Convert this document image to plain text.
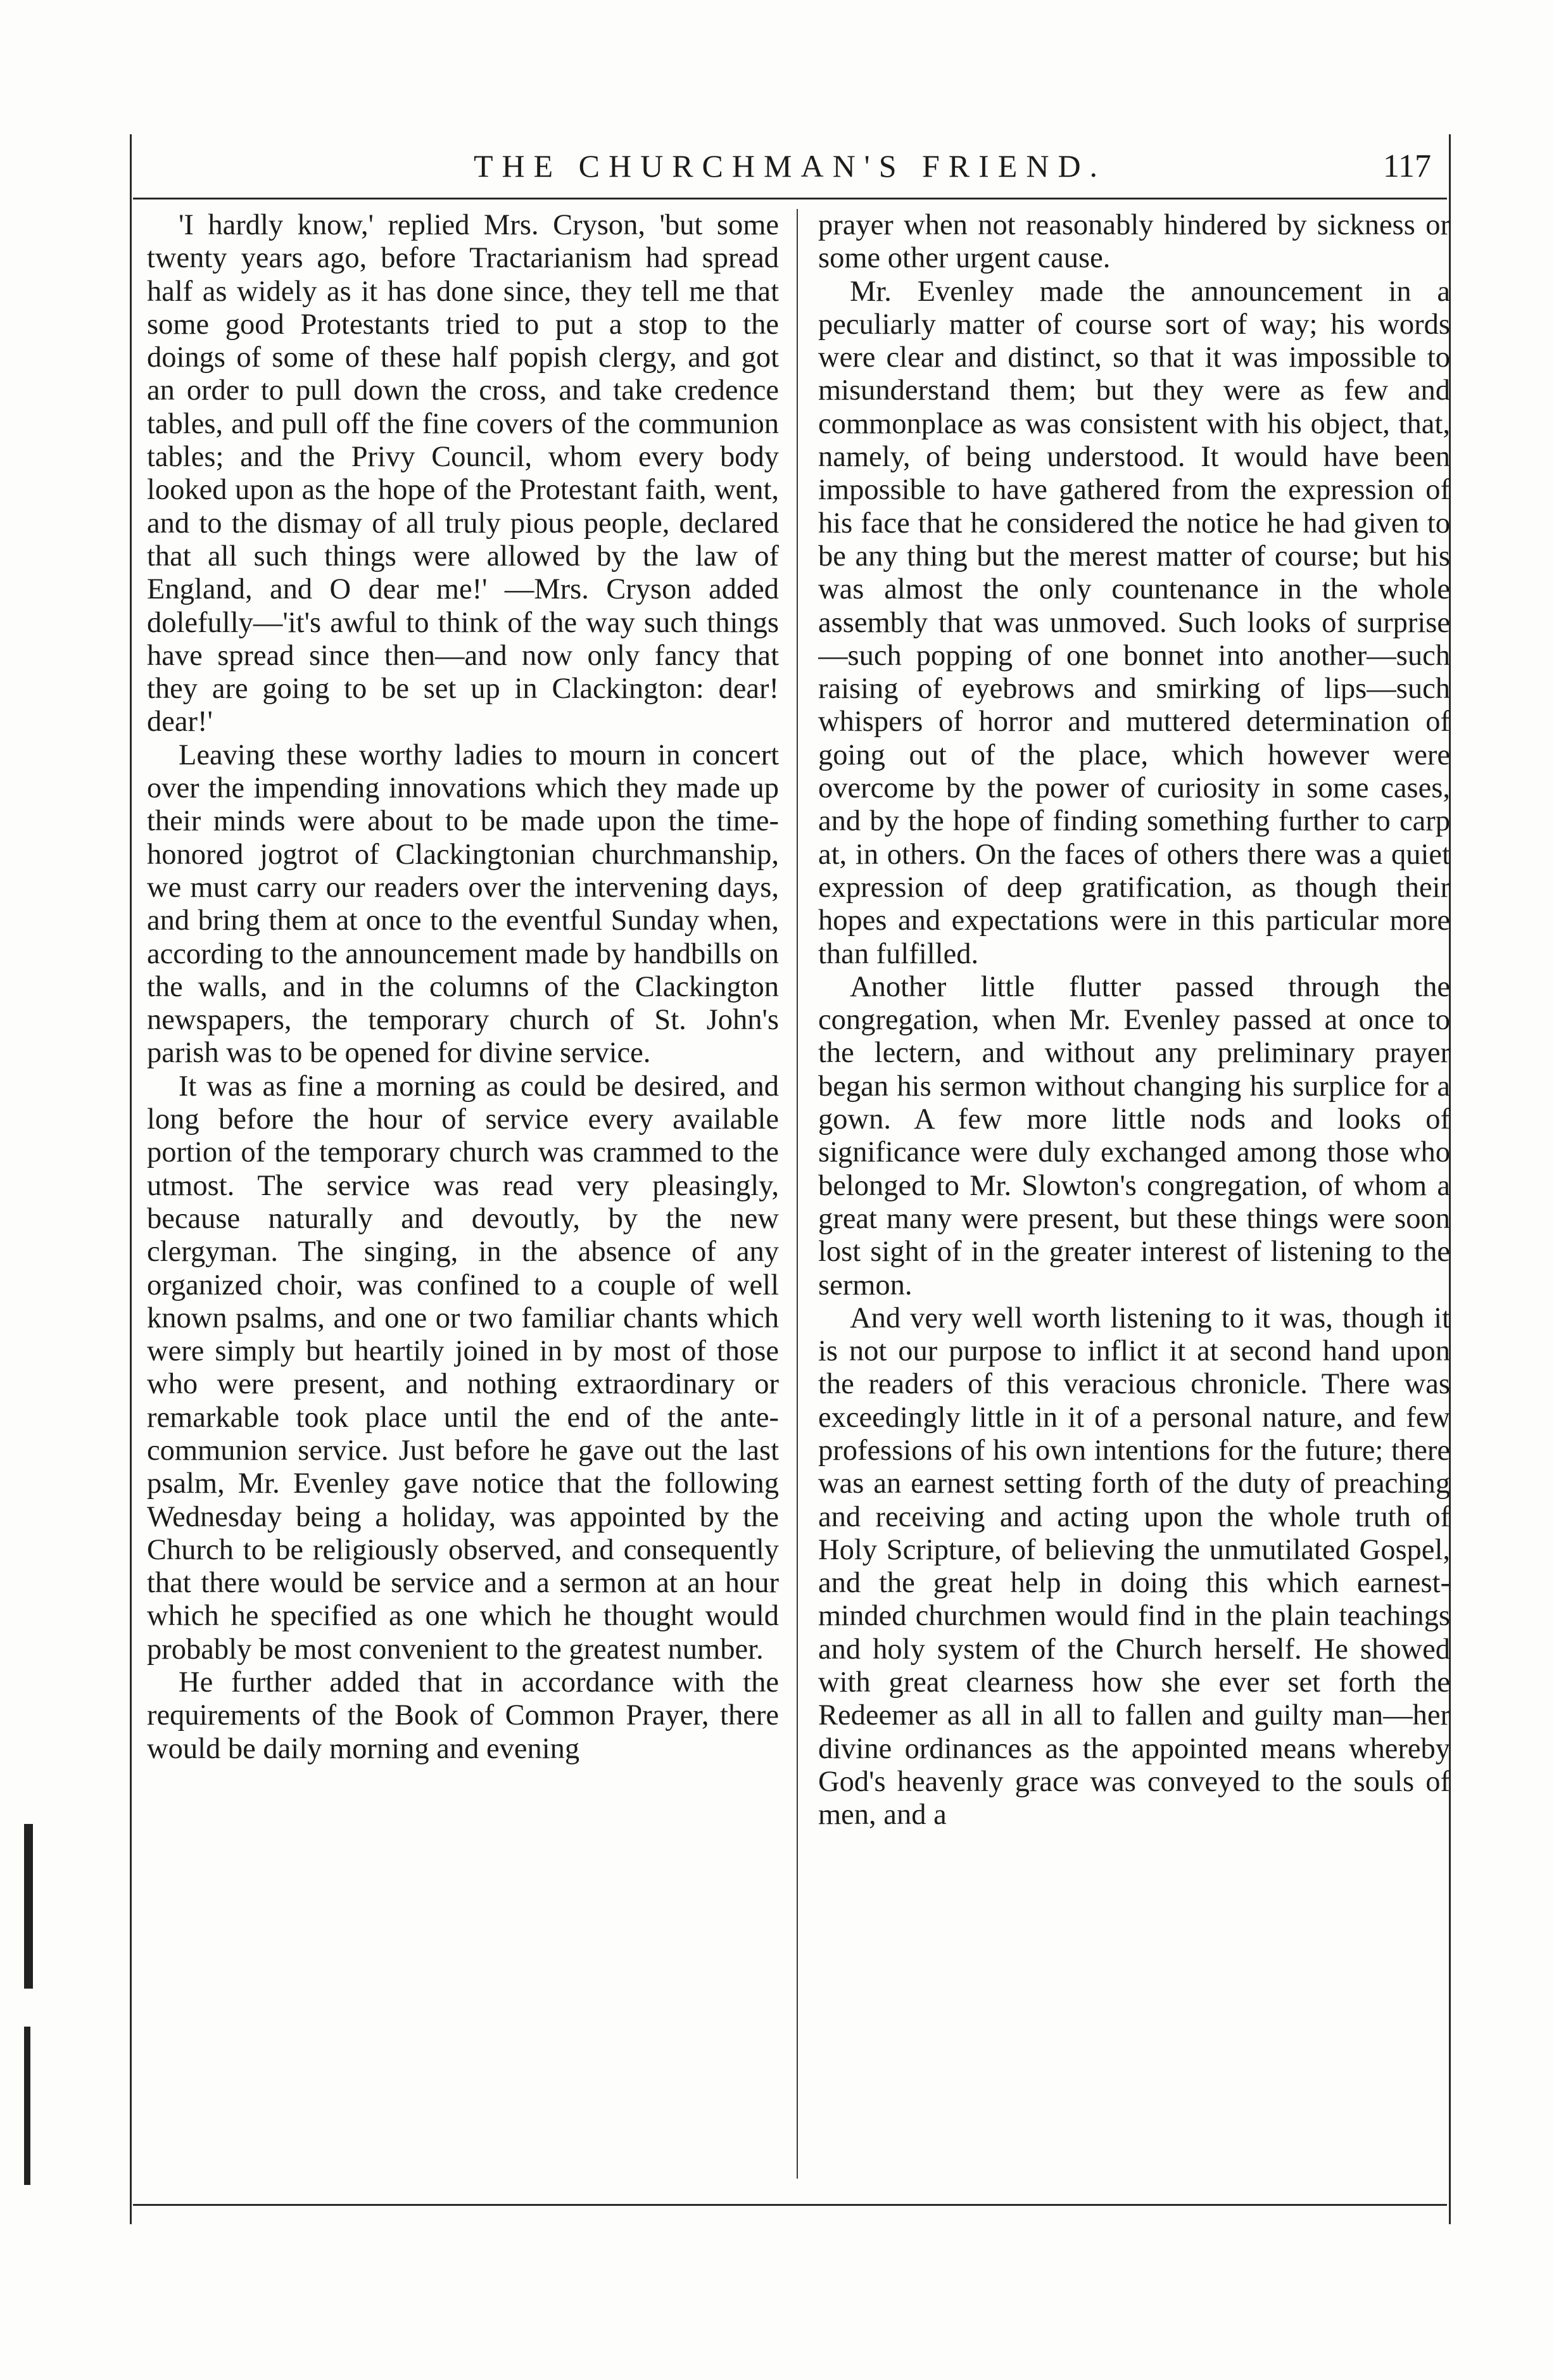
THE CHURCHMAN'S FRIEND.	117

'I hardly know,' replied Mrs. Cryson, 'but some twenty years ago, before Tractarianism had spread half as widely as it has done since, they tell me that some good Protestants tried to put a stop to the doings of some of these half popish clergy, and got an order to pull down the cross, and take credence tables, and pull off the fine covers of the communion tables; and the Privy Council, whom every body looked upon as the hope of the Protestant faith, went, and to the dismay of all truly pious people, declared that all such things were allowed by the law of England, and O dear me!' —Mrs. Cryson added dolefully—'it's awful to think of the way such things have spread since then—and now only fancy that they are going to be set up in Clackington: dear! dear!'

Leaving these worthy ladies to mourn in concert over the impending innovations which they made up their minds were about to be made upon the time-honored jogtrot of Clackingtonian churchmanship, we must carry our readers over the intervening days, and bring them at once to the eventful Sunday when, according to the announcement made by handbills on the walls, and in the columns of the Clackington newspapers, the temporary church of St. John's parish was to be opened for divine service.

It was as fine a morning as could be desired, and long before the hour of service every available portion of the temporary church was crammed to the utmost. The service was read very pleasingly, because naturally and devoutly, by the new clergyman. The singing, in the absence of any organized choir, was confined to a couple of well known psalms, and one or two familiar chants which were simply but heartily joined in by most of those who were present, and nothing extraordinary or remarkable took place until the end of the ante-communion service. Just before he gave out the last psalm, Mr. Evenley gave notice that the following Wednesday being a holiday, was appointed by the Church to be religiously observed, and consequently that there would be service and a sermon at an hour which he specified as one which he thought would probably be most convenient to the greatest number.

He further added that in accordance with the requirements of the Book of Common Prayer, there would be daily morning and evening

prayer when not reasonably hindered by sickness or some other urgent cause.

Mr. Evenley made the announcement in a peculiarly matter of course sort of way; his words were clear and distinct, so that it was impossible to misunderstand them; but they were as few and commonplace as was consistent with his object, that, namely, of being understood. It would have been impossible to have gathered from the expression of his face that he considered the notice he had given to be any thing but the merest matter of course; but his was almost the only countenance in the whole assembly that was unmoved. Such looks of surprise—such popping of one bonnet into another—such raising of eyebrows and smirking of lips—such whispers of horror and muttered determination of going out of the place, which however were overcome by the power of curiosity in some cases, and by the hope of finding something further to carp at, in others. On the faces of others there was a quiet expression of deep gratification, as though their hopes and expectations were in this particular more than fulfilled.

Another little flutter passed through the congregation, when Mr. Evenley passed at once to the lectern, and without any preliminary prayer began his sermon without changing his surplice for a gown. A few more little nods and looks of significance were duly exchanged among those who belonged to Mr. Slowton's congregation, of whom a great many were present, but these things were soon lost sight of in the greater interest of listening to the sermon.

And very well worth listening to it was, though it is not our purpose to inflict it at second hand upon the readers of this veracious chronicle. There was exceedingly little in it of a personal nature, and few professions of his own intentions for the future; there was an earnest setting forth of the duty of preaching and receiving and acting upon the whole truth of Holy Scripture, of believing the unmutilated Gospel, and the great help in doing this which earnest-minded churchmen would find in the plain teachings and holy system of the Church herself. He showed with great clearness how she ever set forth the Redeemer as all in all to fallen and guilty man—her divine ordinances as the appointed means whereby God's heavenly grace was conveyed to the souls of men, and a
